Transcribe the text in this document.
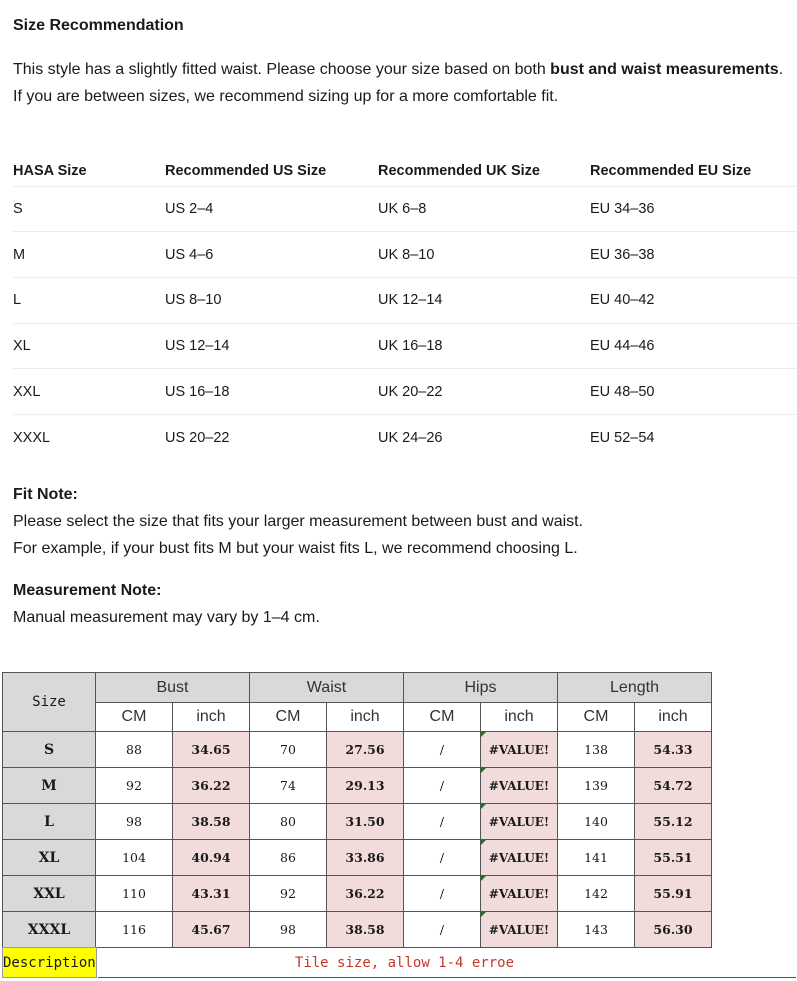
Size Recommendation
This style has a slightly fitted waist. Please choose your size based on both bust and waist measurements.
If you are between sizes, we recommend sizing up for a more comfortable fit.
HASA Size	Recommended US Size	Recommended UK Size	Recommended EU Size
S	US 2–4	UK 6–8	EU 34–36
M	US 4–6	UK 8–10	EU 36–38
L	US 8–10	UK 12–14	EU 40–42
XL	US 12–14	UK 16–18	EU 44–46
XXL	US 16–18	UK 20–22	EU 48–50
XXXL	US 20–22	UK 24–26	EU 52–54
Fit Note:
Please select the size that fits your larger measurement between bust and waist.
For example, if your bust fits M but your waist fits L, we recommend choosing L.
Measurement Note:
Manual measurement may vary by 1–4 cm.
Size	Bust		Waist		Hips		Length	
	CM	inch	CM	inch	CM	inch	CM	inch
S	88	34.65	70	27.56	/	#VALUE!	138	54.33
M	92	36.22	74	29.13	/	#VALUE!	139	54.72
L	98	38.58	80	31.50	/	#VALUE!	140	55.12
XL	104	40.94	86	33.86	/	#VALUE!	141	55.51
XXL	110	43.31	92	36.22	/	#VALUE!	142	55.91
XXXL	116	45.67	98	38.58	/	#VALUE!	143	56.30
Description	Tile size, allow 1-4 erroe
